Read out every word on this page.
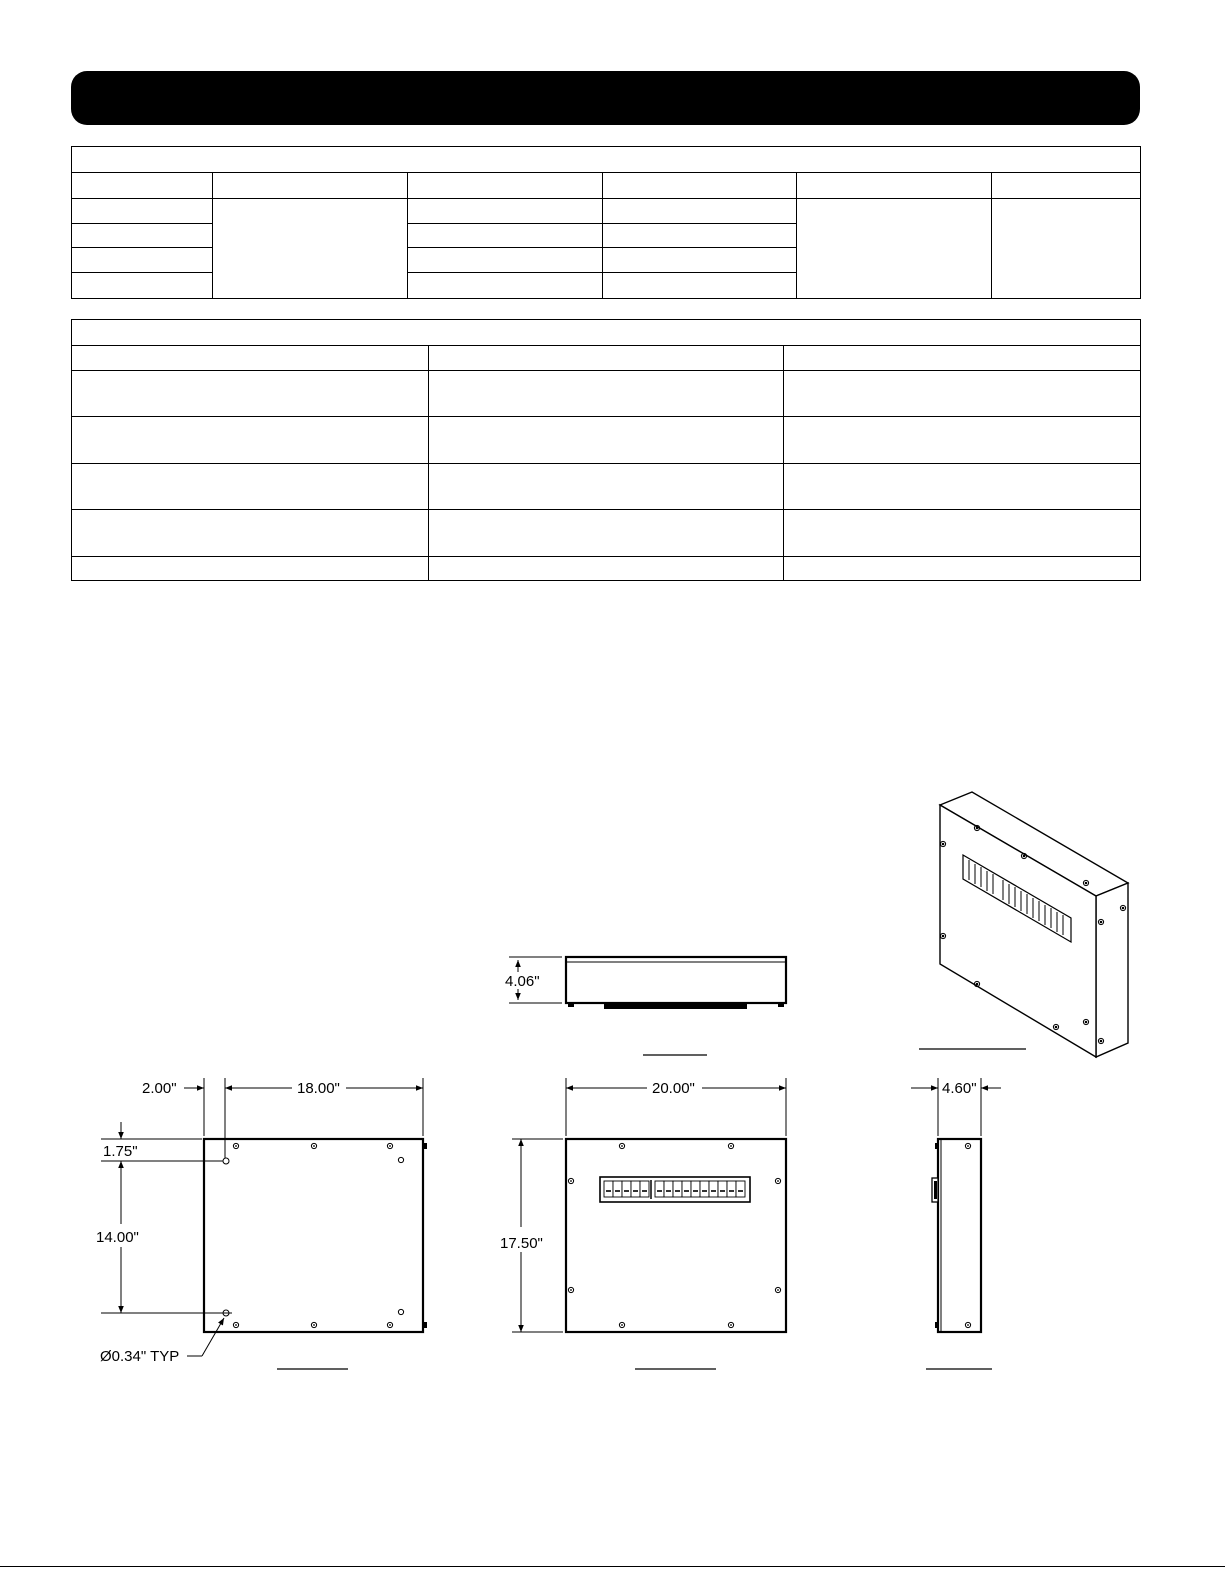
4.06"
2.00"	18.00"
1.75"
14.00"
Ø0.34" TYP
20.00"
17.50"
4.60"
